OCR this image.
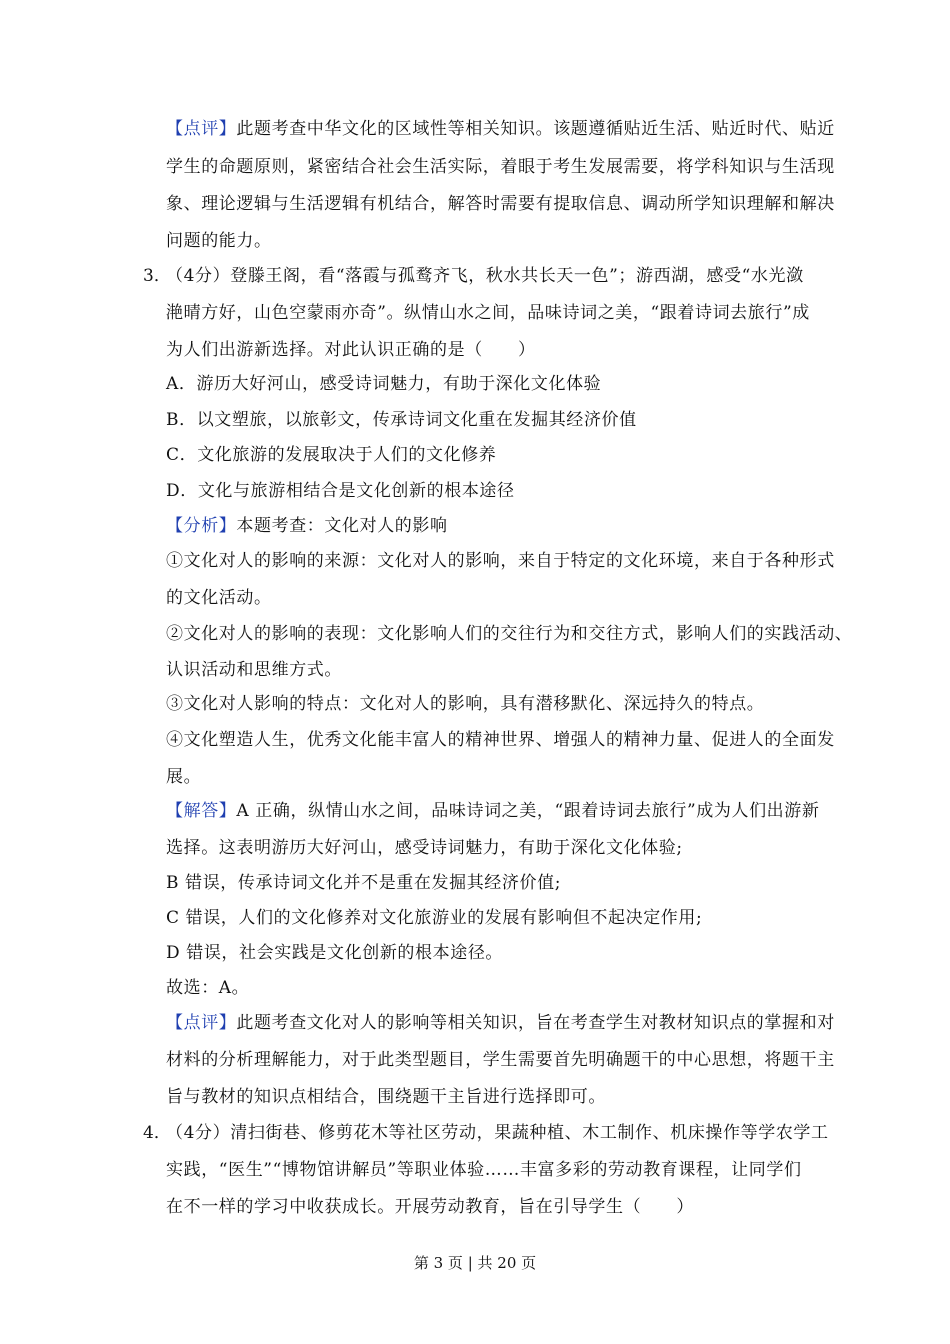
【点评】此题考查中华文化的区域性等相关知识。该题遵循贴近生活、贴近时代、贴近
学生的命题原则，紧密结合社会生活实际，着眼于考生发展需要，将学科知识与生活现
象、理论逻辑与生活逻辑有机结合，解答时需要有提取信息、调动所学知识理解和解决
问题的能力。
3．
（4分）登滕王阁，看“落霞与孤鹜齐飞，秋水共长天一色”；游西湖，感受“水光潋
滟晴方好，山色空蒙雨亦奇”。纵情山水之间，品味诗词之美，“跟着诗词去旅行”成
为人们出游新选择。对此认识正确的是（　　）
A．游历大好河山，感受诗词魅力，有助于深化文化体验
B．以文塑旅，以旅彰文，传承诗词文化重在发掘其经济价值
C．文化旅游的发展取决于人们的文化修养
D．文化与旅游相结合是文化创新的根本途径
【分析】本题考查：文化对人的影响
①文化对人的影响的来源：文化对人的影响，来自于特定的文化环境，来自于各种形式
的文化活动。
②文化对人的影响的表现：文化影响人们的交往行为和交往方式，影响人们的实践活动、
认识活动和思维方式。
③文化对人影响的特点：文化对人的影响，具有潜移默化、深远持久的特点。
④文化塑造人生，优秀文化能丰富人的精神世界、增强人的精神力量、促进人的全面发
展。
【解答】A 正确，纵情山水之间，品味诗词之美，“跟着诗词去旅行”成为人们出游新
选择。这表明游历大好河山，感受诗词魅力，有助于深化文化体验;
B 错误，传承诗词文化并不是重在发掘其经济价值;
C 错误，人们的文化修养对文化旅游业的发展有影响但不起决定作用;
D 错误，社会实践是文化创新的根本途径。
故选：A。
【点评】此题考查文化对人的影响等相关知识，旨在考查学生对教材知识点的掌握和对
材料的分析理解能力，对于此类型题目，学生需要首先明确题干的中心思想，将题干主
旨与教材的知识点相结合，围绕题干主旨进行选择即可。
4．
（4分）清扫街巷、修剪花木等社区劳动，果蔬种植、木工制作、机床操作等学农学工
实践，“医生”“博物馆讲解员”等职业体验……丰富多彩的劳动教育课程，让同学们
在不一样的学习中收获成长。开展劳动教育，旨在引导学生（　　）
第 3 页 | 共 20 页
